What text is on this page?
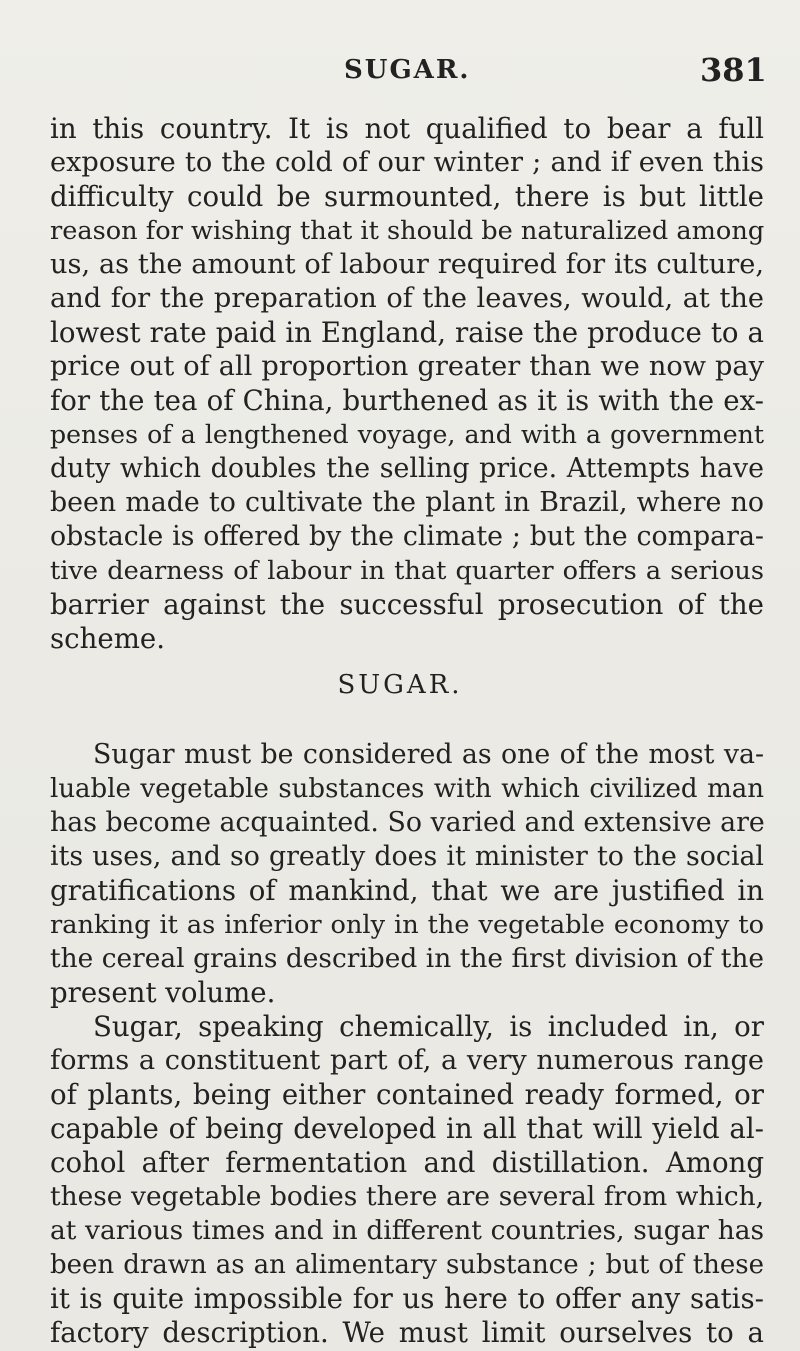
SUGAR.	381
in this country. It is not qualified to bear a full
exposure to the cold of our winter ; and if even this
difficulty could be surmounted, there is but little
reason for wishing that it should be naturalized among
us, as the amount of labour required for its culture,
and for the preparation of the leaves, would, at the
lowest rate paid in England, raise the produce to a
price out of all proportion greater than we now pay
for the tea of China, burthened as it is with the ex-
penses of a lengthened voyage, and with a government
duty which doubles the selling price. Attempts have
been made to cultivate the plant in Brazil, where no
obstacle is offered by the climate ; but the compara-
tive dearness of labour in that quarter offers a serious
barrier against the successful prosecution of the
scheme.
SUGAR.
Sugar must be considered as one of the most va-
luable vegetable substances with which civilized man
has become acquainted. So varied and extensive are
its uses, and so greatly does it minister to the social
gratifications of mankind, that we are justified in
ranking it as inferior only in the vegetable economy to
the cereal grains described in the first division of the
present volume.
Sugar, speaking chemically, is included in, or
forms a constituent part of, a very numerous range
of plants, being either contained ready formed, or
capable of being developed in all that will yield al-
cohol after fermentation and distillation. Among
these vegetable bodies there are several from which,
at various times and in different countries, sugar has
been drawn as an alimentary substance ; but of these
it is quite impossible for us here to offer any satis-
factory description. We must limit ourselves to a
